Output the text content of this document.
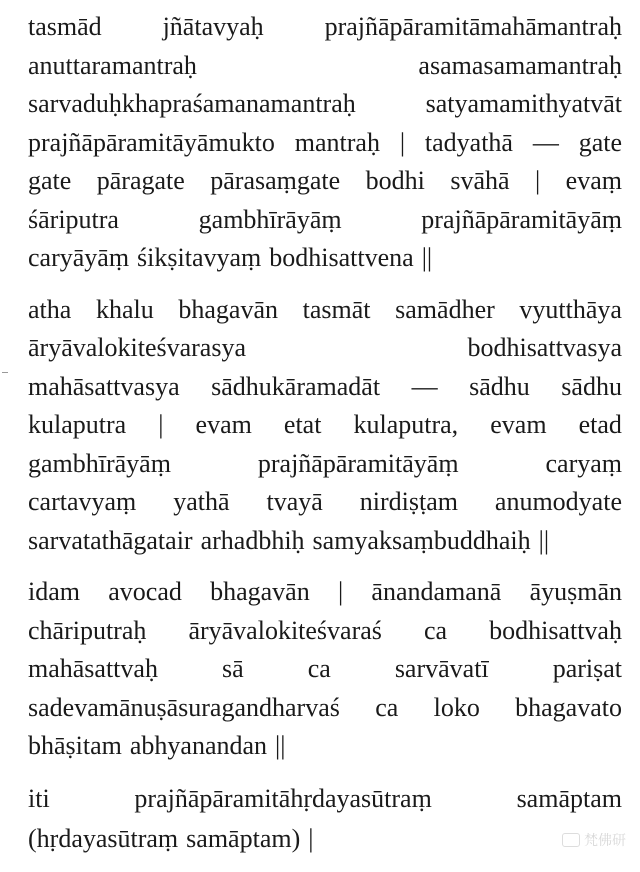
tasmād jñātavyaḥ prajñāpāramitāmahāmantraḥ
anuttaramantraḥ	asamasamamantraḥ
sarvaduḥkhapraśamanamantraḥ	satyamamithyatvāt
prajñāpāramitāyāmukto mantraḥ | tadyathā — gate
gate pāragate pārasaṃgate bodhi svāhā | evaṃ
śāriputra	gambhīrāyāṃ	prajñāpāramitāyāṃ
caryāyāṃ śikṣitavyaṃ bodhisattvena ||
atha khalu bhagavān tasmāt samādher vyutthāya
āryāvalokiteśvarasya	bodhisattvasya
mahāsattvasya sādhukāramadāt — sādhu sādhu
kulaputra | evam etat kulaputra, evam etad
gambhīrāyāṃ	prajñāpāramitāyāṃ	caryaṃ
cartavyaṃ yathā tvayā nirdiṣṭam anumodyate
sarvatathāgatair arhadbhiḥ samyaksaṃbuddhaiḥ ||
idam avocad bhagavān | ānandamanā āyuṣmān
chāriputraḥ āryāvalokiteśvaraś ca bodhisattvaḥ
mahāsattvaḥ sā ca sarvāvatī pariṣat
sadevamānuṣāsuragandharvaś ca loko bhagavato
bhāṣitam abhyanandan ||
iti	prajñāpāramitāhṛdayasūtraṃ	samāptam
(hṛdayasūtraṃ samāptam) |	梵佛研
